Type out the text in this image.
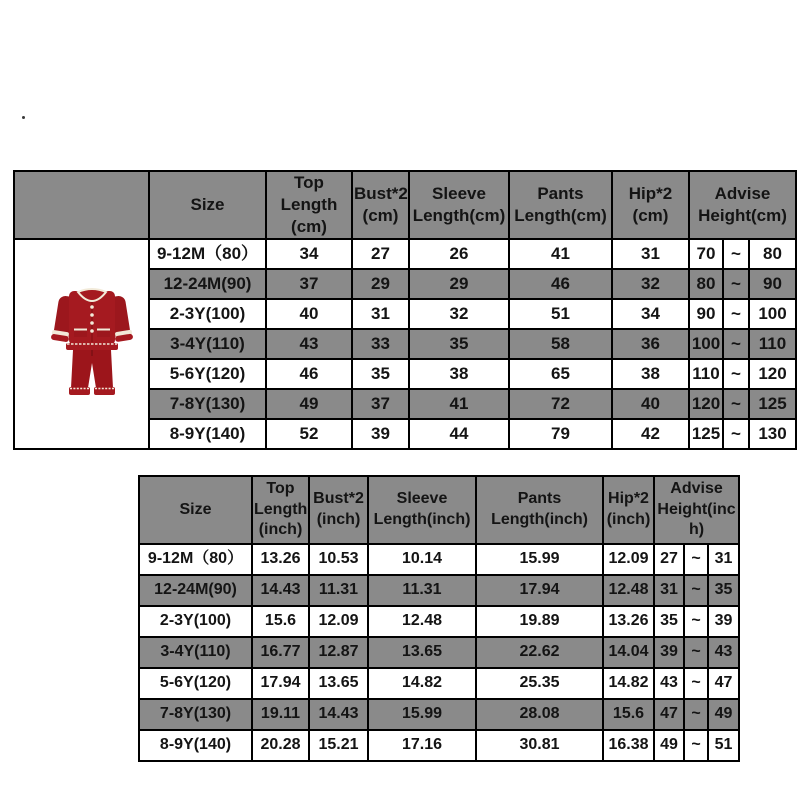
	Size	Top Length (cm)	Bust*2 (cm)	Sleeve Length(cm)	Pants Length(cm)	Hip*2 (cm)	Advise Height(cm)		

	9-12M（80）	34	27	26	41	31	70	~	80
	12-24M(90)	37	29	29	46	32	80	~	90
	2-3Y(100)	40	31	32	51	34	90	~	100
	3-4Y(110)	43	33	35	58	36	100	~	110
	5-6Y(120)	46	35	38	65	38	110	~	120
	7-8Y(130)	49	37	41	72	40	120	~	125
	8-9Y(140)	52	39	44	79	42	125	~	130
Size	Top Length (inch)	Bust*2 (inch)	Sleeve Length(inch)	Pants Length(inch)	Hip*2 (inch)	Advise Height(inch)		
9-12M（80）	13.26	10.53	10.14	15.99	12.09	27	~	31
12-24M(90)	14.43	11.31	11.31	17.94	12.48	31	~	35
2-3Y(100)	15.6	12.09	12.48	19.89	13.26	35	~	39
3-4Y(110)	16.77	12.87	13.65	22.62	14.04	39	~	43
5-6Y(120)	17.94	13.65	14.82	25.35	14.82	43	~	47
7-8Y(130)	19.11	14.43	15.99	28.08	15.6	47	~	49
8-9Y(140)	20.28	15.21	17.16	30.81	16.38	49	~	51
